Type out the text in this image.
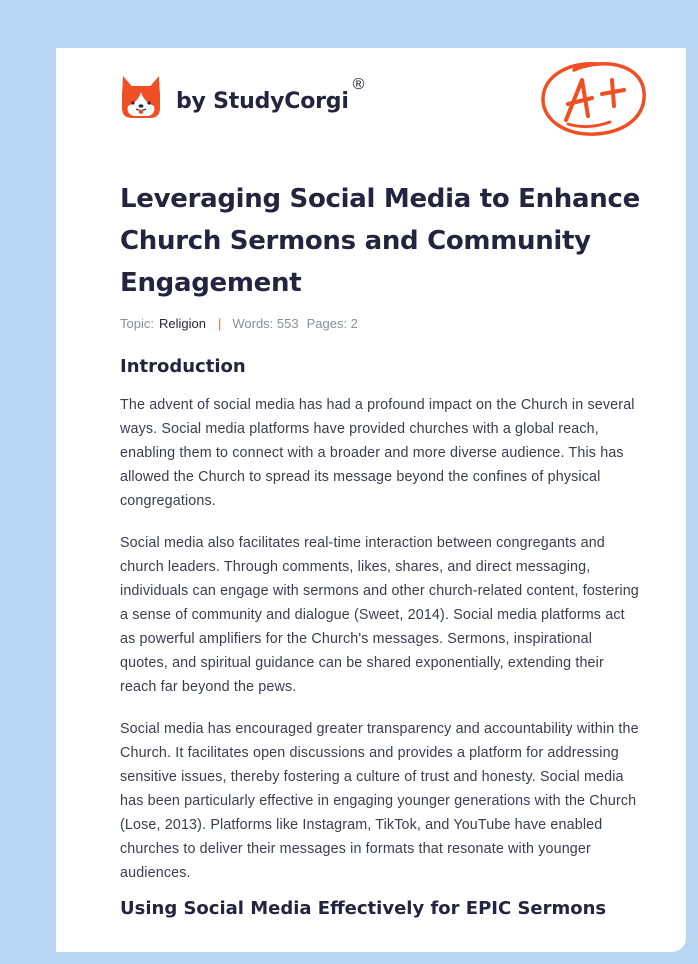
by StudyCorgi
®
Leveraging Social Media to Enhance Church Sermons and Community Engagement
Topic: Religion | Words: 553 Pages: 2
Introduction

The advent of social media has had a profound impact on the Church in several ways. Social media platforms have provided churches with a global reach, enabling them to connect with a broader and more diverse audience. This has allowed the Church to spread its message beyond the confines of physical congregations.

Social media also facilitates real-time interaction between congregants and church leaders. Through comments, likes, shares, and direct messaging, individuals can engage with sermons and other church-related content, fostering a sense of community and dialogue (Sweet, 2014). Social media platforms act as powerful amplifiers for the Church's messages. Sermons, inspirational quotes, and spiritual guidance can be shared exponentially, extending their reach far beyond the pews.

Social media has encouraged greater transparency and accountability within the Church. It facilitates open discussions and provides a platform for addressing sensitive issues, thereby fostering a culture of trust and honesty. Social media has been particularly effective in engaging younger generations with the Church (Lose, 2013). Platforms like Instagram, TikTok, and YouTube have enabled churches to deliver their messages in formats that resonate with younger audiences.

Using Social Media Effectively for EPIC Sermons
